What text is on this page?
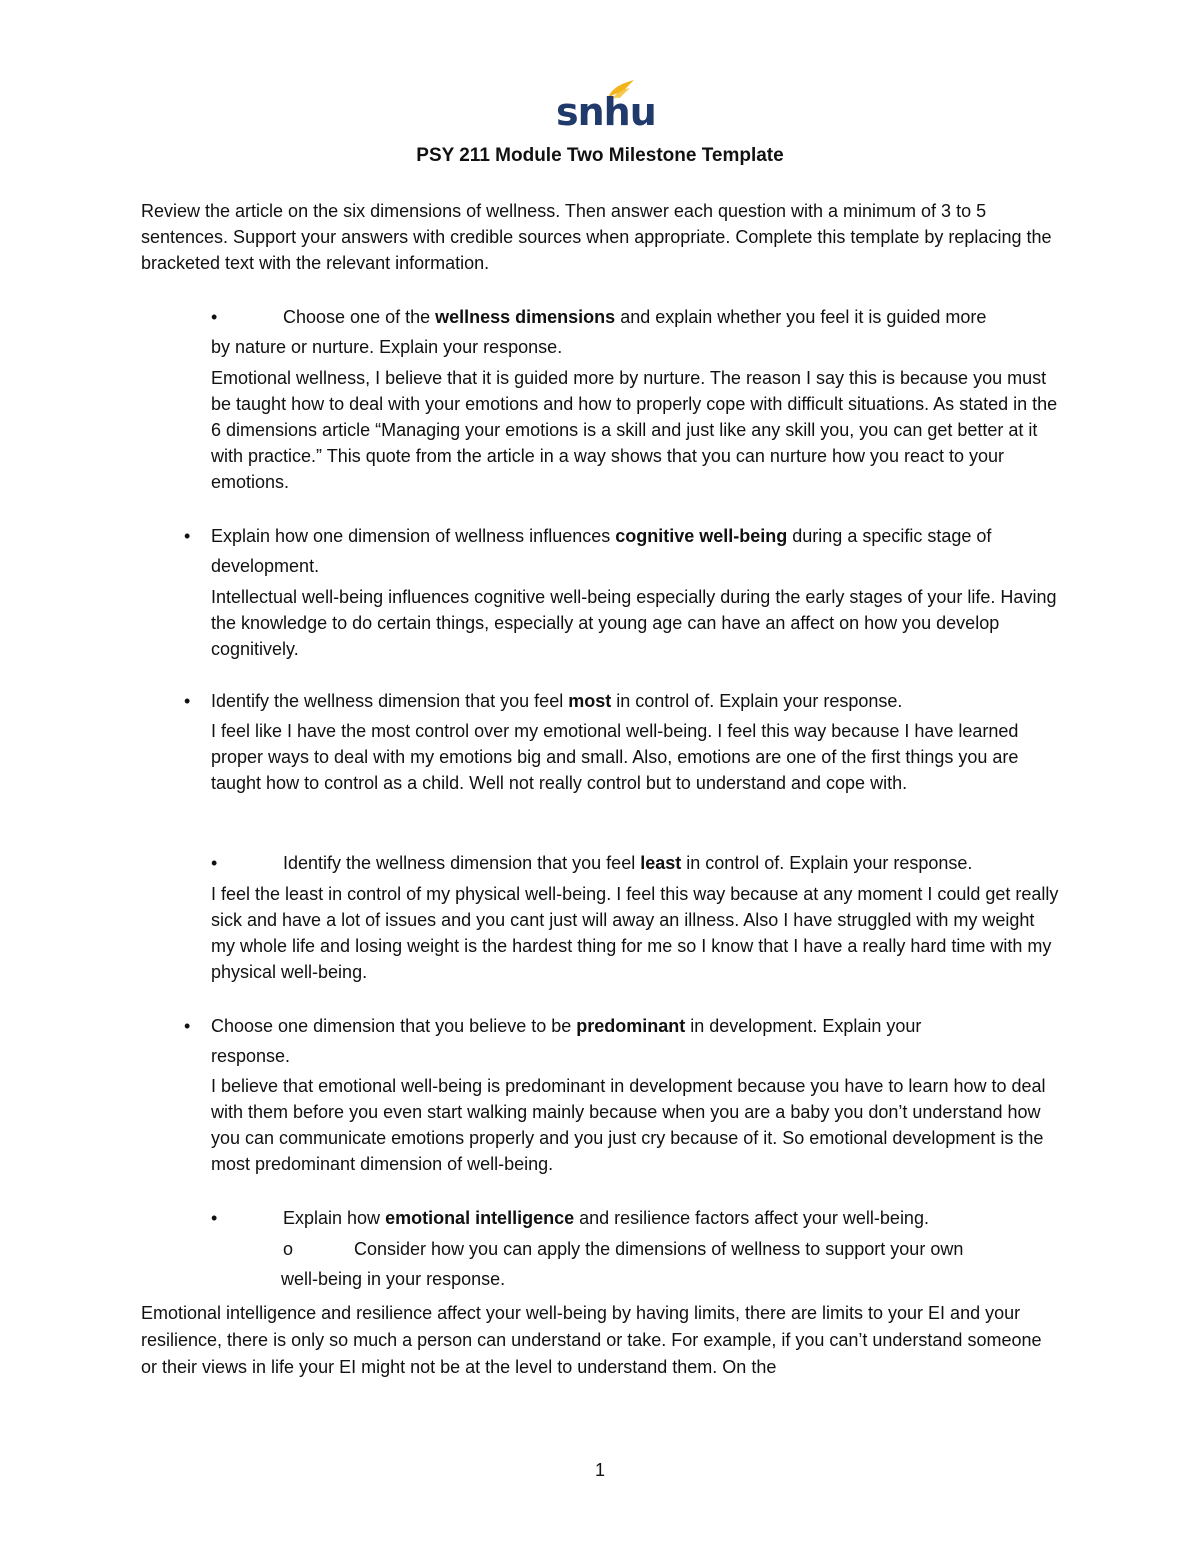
snhu
PSY 211 Module Two Milestone Template

Review the article on the six dimensions of wellness. Then answer each question with a minimum of 3 to 5 sentences. Support your answers with credible sources when appropriate. Complete this template by replacing the bracketed text with the relevant information.

•	Choose one of the wellness dimensions and explain whether you feel it is guided more
by nature or nurture. Explain your response.

Emotional wellness, I believe that it is guided more by nurture. The reason I say this is because you must be taught how to deal with your emotions and how to properly cope with difficult situations. As stated in the 6 dimensions article “Managing your emotions is a skill and just like any skill you, you can get better at it with practice.” This quote from the article in a way shows that you can nurture how you react to your emotions.

• Explain how one dimension of wellness influences cognitive well-being during a specific stage of
development.

Intellectual well-being influences cognitive well-being especially during the early stages of your life. Having the knowledge to do certain things, especially at young age can have an affect on how you develop cognitively.

• Identify the wellness dimension that you feel most in control of. Explain your response.

I feel like I have the most control over my emotional well-being. I feel this way because I have learned proper ways to deal with my emotions big and small. Also, emotions are one of the first things you are taught how to control as a child. Well not really control but to understand and cope with.

•	Identify the wellness dimension that you feel least in control of. Explain your response.

I feel the least in control of my physical well-being. I feel this way because at any moment I could get really sick and have a lot of issues and you cant just will away an illness. Also I have struggled with my weight my whole life and losing weight is the hardest thing for me so I know that I have a really hard time with my physical well-being.

• Choose one dimension that you believe to be predominant in development. Explain your
response.

I believe that emotional well-being is predominant in development because you have to learn how to deal with them before you even start walking mainly because when you are a baby you don’t understand how you can communicate emotions properly and you just cry because of it. So emotional development is the most predominant dimension of well-being.

•	Explain how emotional intelligence and resilience factors affect your well-being.
o	Consider how you can apply the dimensions of wellness to support your own
well-being in your response.

Emotional intelligence and resilience affect your well-being by having limits, there are limits to your EI and your resilience, there is only so much a person can understand or take. For example, if you can’t understand someone or their views in life your EI might not be at the level to understand them. On the

1
